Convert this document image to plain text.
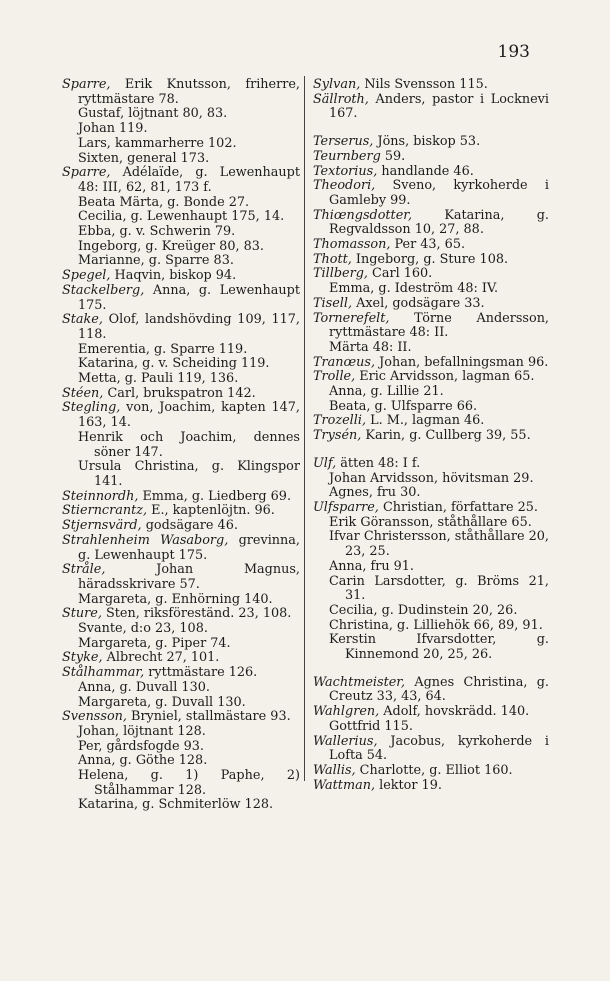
193
Sparre, Erik Knutsson, friherre, ryttmästare 78.
Gustaf, löjtnant 80, 83.
Johan 119.
Lars, kammarherre 102.
Sixten, general 173.
Sparre, Adélaïde, g. Lewenhaupt 48: III, 62, 81, 173 f.
Beata Märta, g. Bonde 27.
Cecilia, g. Lewenhaupt 175, 14.
Ebba, g. v. Schwerin 79.
Ingeborg, g. Kreüger 80, 83.
Marianne, g. Sparre 83.
Spegel, Haqvin, biskop 94.
Stackelberg, Anna, g. Lewenhaupt 175.
Stake, Olof, landshövding 109, 117, 118.
Emerentia, g. Sparre 119.
Katarina, g. v. Scheiding 119.
Metta, g. Pauli 119, 136.
Stéen, Carl, brukspatron 142.
Stegling, von, Joachim, kapten 147, 163, 14.
Henrik och Joachim, dennes söner 147.
Ursula Christina, g. Klingspor 141.
Steinnordh, Emma, g. Liedberg 69.
Stierncrantz, E., kaptenlöjtn. 96.
Stjernsvärd, godsägare 46.
Strahlenheim Wasaborg, grevinna, g. Lewenhaupt 175.
Stråle, Johan Magnus, häradsskrivare 57.
Margareta, g. Enhörning 140.
Sture, Sten, riksföreständ. 23, 108.
Svante, d:o 23, 108.
Margareta, g. Piper 74.
Styke, Albrecht 27, 101.
Stålhammar, ryttmästare 126.
Anna, g. Duvall 130.
Margareta, g. Duvall 130.
Svensson, Bryniel, stallmästare 93.
Johan, löjtnant 128.
Per, gårdsfogde 93.
Anna, g. Göthe 128.
Helena, g. 1) Paphe, 2) Stålhammar 128.
Katarina, g. Schmiterlöw 128.
Sylvan, Nils Svensson 115.
Sällroth, Anders, pastor i Locknevi 167.
Terserus, Jöns, biskop 53.
Teurnberg 59.
Textorius, handlande 46.
Theodori, Sveno, kyrkoherde i Gamleby 99.
Thiœngsdotter, Katarina, g. Regvaldsson 10, 27, 88.
Thomasson, Per 43, 65.
Thott, Ingeborg, g. Sture 108.
Tillberg, Carl 160.
Emma, g. Ideström 48: IV.
Tisell, Axel, godsägare 33.
Tornerefelt, Törne Andersson, ryttmästare 48: II.
Märta 48: II.
Tranœus, Johan, befallningsman 96.
Trolle, Eric Arvidsson, lagman 65.
Anna, g. Lillie 21.
Beata, g. Ulfsparre 66.
Trozelli, L. M., lagman 46.
Trysén, Karin, g. Cullberg 39, 55.
Ulf, ätten 48: I f.
Johan Arvidsson, hövitsman 29.
Agnes, fru 30.
Ulfsparre, Christian, författare 25.
Erik Göransson, ståthållare 65.
Ifvar Christersson, ståthållare 20, 23, 25.
Anna, fru 91.
Carin Larsdotter, g. Bröms 21, 31.
Cecilia, g. Dudinstein 20, 26.
Christina, g. Lilliehök 66, 89, 91.
Kerstin Ifvarsdotter, g. Kinnemond 20, 25, 26.
Wachtmeister, Agnes Christina, g. Creutz 33, 43, 64.
Wahlgren, Adolf, hovskrädd. 140.
Gottfrid 115.
Wallerius, Jacobus, kyrkoherde i Lofta 54.
Wallis, Charlotte, g. Elliot 160.
Wattman, lektor 19.
